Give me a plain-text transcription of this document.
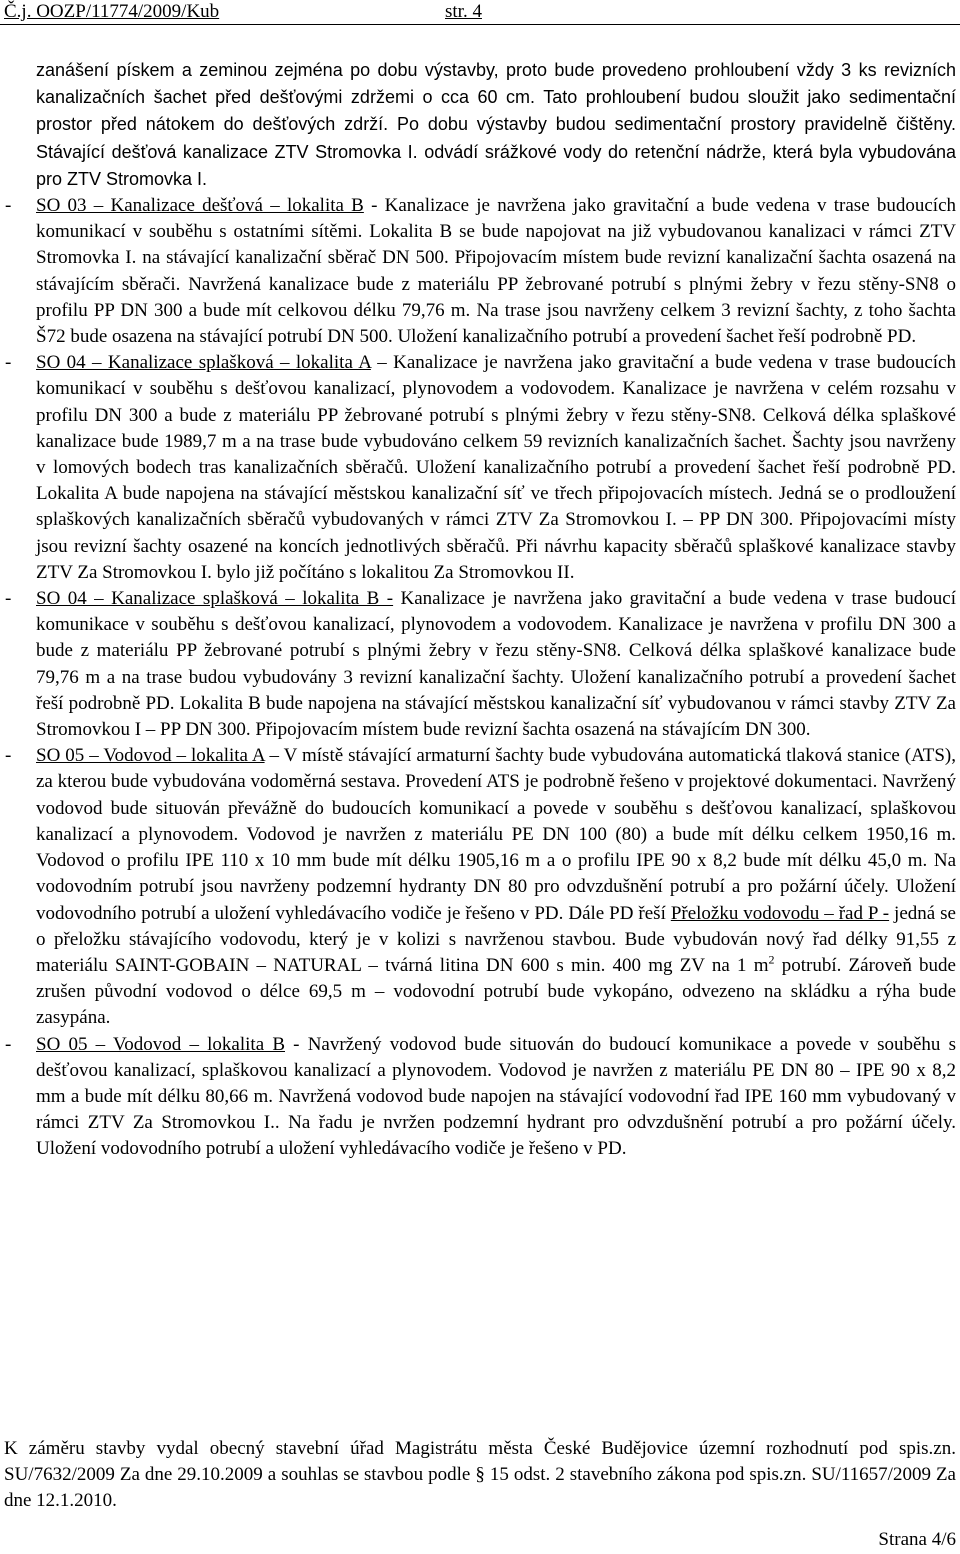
Č.j. OOZP/11774/2009/Kub	str. 4

zanášení pískem a zeminou zejména po dobu výstavby, proto bude provedeno prohloubení vždy 3 ks revizních kanalizačních šachet před dešťovými zdržemi o cca 60 cm. Tato prohloubení budou sloužit jako sedimentační prostor před nátokem do dešťových zdrží. Po dobu výstavby budou sedimentační prostory pravidelně čištěny. Stávající dešťová kanalizace ZTV Stromovka I. odvádí srážkové vody do retenční nádrže, která byla vybudována pro ZTV Stromovka I.

- SO 03 – Kanalizace dešťová – lokalita B - Kanalizace je navržena jako gravitační a bude vedena v trase budoucích komunikací v souběhu s ostatními sítěmi. Lokalita B se bude napojovat na již vybudovanou kanalizaci v rámci ZTV Stromovka I. na stávající kanalizační sběrač DN 500. Připojovacím místem bude revizní kanalizační šachta osazená na stávajícím sběrači. Navržená kanalizace bude z materiálu PP žebrované potrubí s plnými žebry v řezu stěny-SN8 o profilu PP DN 300 a bude mít celkovou délku 79,76 m. Na trase jsou navrženy celkem 3 revizní šachty, z toho šachta Š72 bude osazena na stávající potrubí DN 500. Uložení kanalizačního potrubí a provedení šachet řeší podrobně PD.

- SO 04 – Kanalizace splašková – lokalita A – Kanalizace je navržena jako gravitační a bude vedena v trase budoucích komunikací v souběhu s dešťovou kanalizací, plynovodem a vodovodem. Kanalizace je navržena v celém rozsahu v profilu DN 300 a bude z materiálu PP žebrované potrubí s plnými žebry v řezu stěny-SN8. Celková délka splaškové kanalizace bude 1989,7 m a na trase bude vybudováno celkem 59 revizních kanalizačních šachet. Šachty jsou navrženy v lomových bodech tras kanalizačních sběračů. Uložení kanalizačního potrubí a provedení šachet řeší podrobně PD. Lokalita A bude napojena na stávající městskou kanalizační síť ve třech připojovacích místech. Jedná se o prodloužení splaškových kanalizačních sběračů vybudovaných v rámci ZTV Za Stromovkou I. – PP DN 300. Připojovacími místy jsou revizní šachty osazené na koncích jednotlivých sběračů. Při návrhu kapacity sběračů splaškové kanalizace stavby ZTV Za Stromovkou I. bylo již počítáno s lokalitou Za Stromovkou II.

- SO 04 – Kanalizace splašková – lokalita B - Kanalizace je navržena jako gravitační a bude vedena v trase budoucí komunikace v souběhu s dešťovou kanalizací, plynovodem a vodovodem. Kanalizace je navržena v profilu DN 300 a bude z materiálu PP žebrované potrubí s plnými žebry v řezu stěny-SN8. Celková délka splaškové kanalizace bude 79,76 m a na trase budou vybudovány 3 revizní kanalizační šachty. Uložení kanalizačního potrubí a provedení šachet řeší podrobně PD. Lokalita B bude napojena na stávající městskou kanalizační síť vybudovanou v rámci stavby ZTV Za Stromovkou I – PP DN 300. Připojovacím místem bude revizní šachta osazená na stávajícím DN 300.

- SO 05 – Vodovod – lokalita A – V místě stávající armaturní šachty bude vybudována automatická tlaková stanice (ATS), za kterou bude vybudována vodoměrná sestava. Provedení ATS je podrobně řešeno v projektové dokumentaci. Navržený vodovod bude situován převážně do budoucích komunikací a povede v souběhu s dešťovou kanalizací, splaškovou kanalizací a plynovodem. Vodovod je navržen z materiálu PE DN 100 (80) a bude mít délku celkem 1950,16 m. Vodovod o profilu IPE 110 x 10 mm bude mít délku 1905,16 m a o profilu IPE 90 x 8,2 bude mít délku 45,0 m. Na vodovodním potrubí jsou navrženy podzemní hydranty DN 80 pro odvzdušnění potrubí a pro požární účely. Uložení vodovodního potrubí a uložení vyhledávacího vodiče je řešeno v PD. Dále PD řeší Přeložku vodovodu – řad P - jedná se o přeložku stávajícího vodovodu, který je v kolizi s navrženou stavbou. Bude vybudován nový řad délky 91,55 z materiálu SAINT-GOBAIN – NATURAL – tvárná litina DN 600 s min. 400 mg ZV na 1 $m^2$ potrubí. Zároveň bude zrušen původní vodovod o délce 69,5 m – vodovodní potrubí bude vykopáno, odvezeno na skládku a rýha bude zasypána.

- SO 05 – Vodovod – lokalita B - Navržený vodovod bude situován do budoucí komunikace a povede v souběhu s dešťovou kanalizací, splaškovou kanalizací a plynovodem. Vodovod je navržen z materiálu PE DN 80 – IPE 90 x 8,2 mm a bude mít délku 80,66 m. Navržená vodovod bude napojen na stávající vodovodní řad IPE 160 mm vybudovaný v rámci ZTV Za Stromovkou I.. Na řadu je nvržen podzemní hydrant pro odvzdušnění potrubí a pro požární účely. Uložení vodovodního potrubí a uložení vyhledávacího vodiče je řešeno v PD.

K záměru stavby vydal obecný stavební úřad Magistrátu města České Budějovice územní rozhodnutí pod spis.zn. SU/7632/2009 Za dne 29.10.2009 a souhlas se stavbou podle § 15 odst. 2 stavebního zákona pod spis.zn. SU/11657/2009 Za dne 12.1.2010.
Strana 4/6
